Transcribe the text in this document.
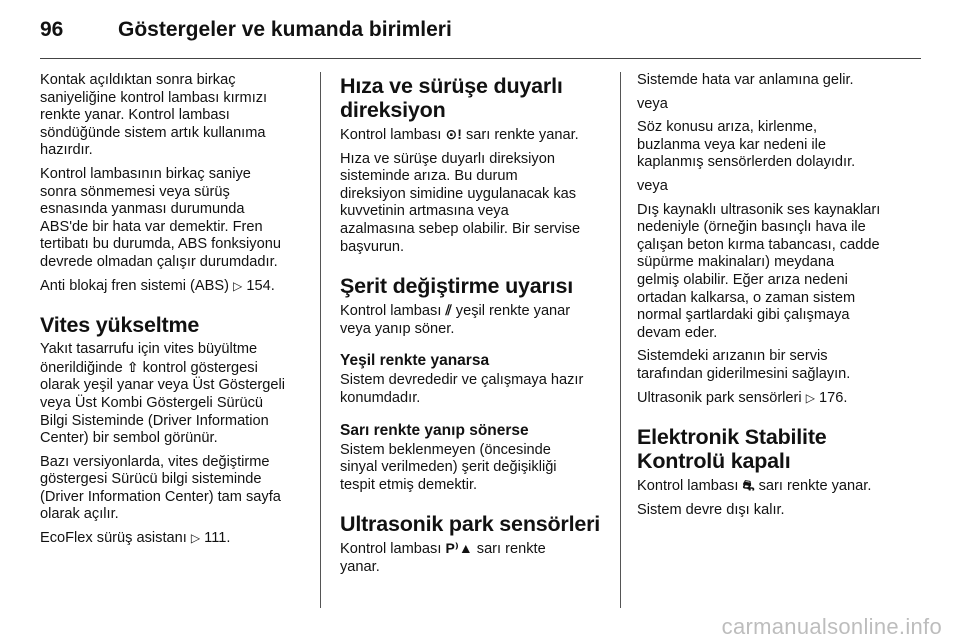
96	Göstergeler ve kumanda birimleri

Kontak açıldıktan sonra birkaç
saniyeliğine kontrol lambası kırmızı
renkte yanar. Kontrol lambası
söndüğünde sistem artık kullanıma
hazırdır.

Kontrol lambasının birkaç saniye
sonra sönmemesi veya sürüş
esnasında yanması durumunda
ABS'de bir hata var demektir. Fren
tertibatı bu durumda, ABS fonksiyonu
devrede olmadan çalışır durumdadır.

Anti blokaj fren sistemi (ABS) ▷ 154.

Vites yükseltme

Yakıt tasarrufu için vites büyültme
önerildiğinde ⇧ kontrol göstergesi
olarak yeşil yanar veya Üst Göstergeli
veya Üst Kombi Göstergeli Sürücü
Bilgi Sisteminde (Driver Information
Center) bir sembol görünür.

Bazı versiyonlarda, vites değiştirme
göstergesi Sürücü bilgi sisteminde
(Driver Information Center) tam sayfa
olarak açılır.

EcoFlex sürüş asistanı ▷ 111.

Hıza ve sürüşe duyarlı
direksiyon

Kontrol lambası ⊙! sarı renkte yanar.

Hıza ve sürüşe duyarlı direksiyon
sisteminde arıza. Bu durum
direksiyon simidine uygulanacak kas
kuvvetinin artmasına veya
azalmasına sebep olabilir. Bir servise
başvurun.

Şerit değiştirme uyarısı

Kontrol lambası ⫽ yeşil renkte yanar
veya yanıp söner.

Yeşil renkte yanarsa

Sistem devrededir ve çalışmaya hazır
konumdadır.

Sarı renkte yanıp sönerse

Sistem beklenmeyen (öncesinde
sinyal verilmeden) şerit değişikliği
tespit etmiş demektir.

Ultrasonik park sensörleri

Kontrol lambası P⁾▲ sarı renkte
yanar.

Sistemde hata var anlamına gelir.

veya

Söz konusu arıza, kirlenme,
buzlanma veya kar nedeni ile
kaplanmış sensörlerden dolayıdır.

veya

Dış kaynaklı ultrasonik ses kaynakları
nedeniyle (örneğin basınçlı hava ile
çalışan beton kırma tabancası, cadde
süpürme makinaları) meydana
gelmiş olabilir. Eğer arıza nedeni
ortadan kalkarsa, o zaman sistem
normal şartlardaki gibi çalışmaya
devam eder.

Sistemdeki arızanın bir servis
tarafından giderilmesini sağlayın.

Ultrasonik park sensörleri ▷ 176.

Elektronik Stabilite
Kontrolü kapalı

Kontrol lambası ⛐ sarı renkte yanar.

Sistem devre dışı kalır.

carmanualsonline.info
